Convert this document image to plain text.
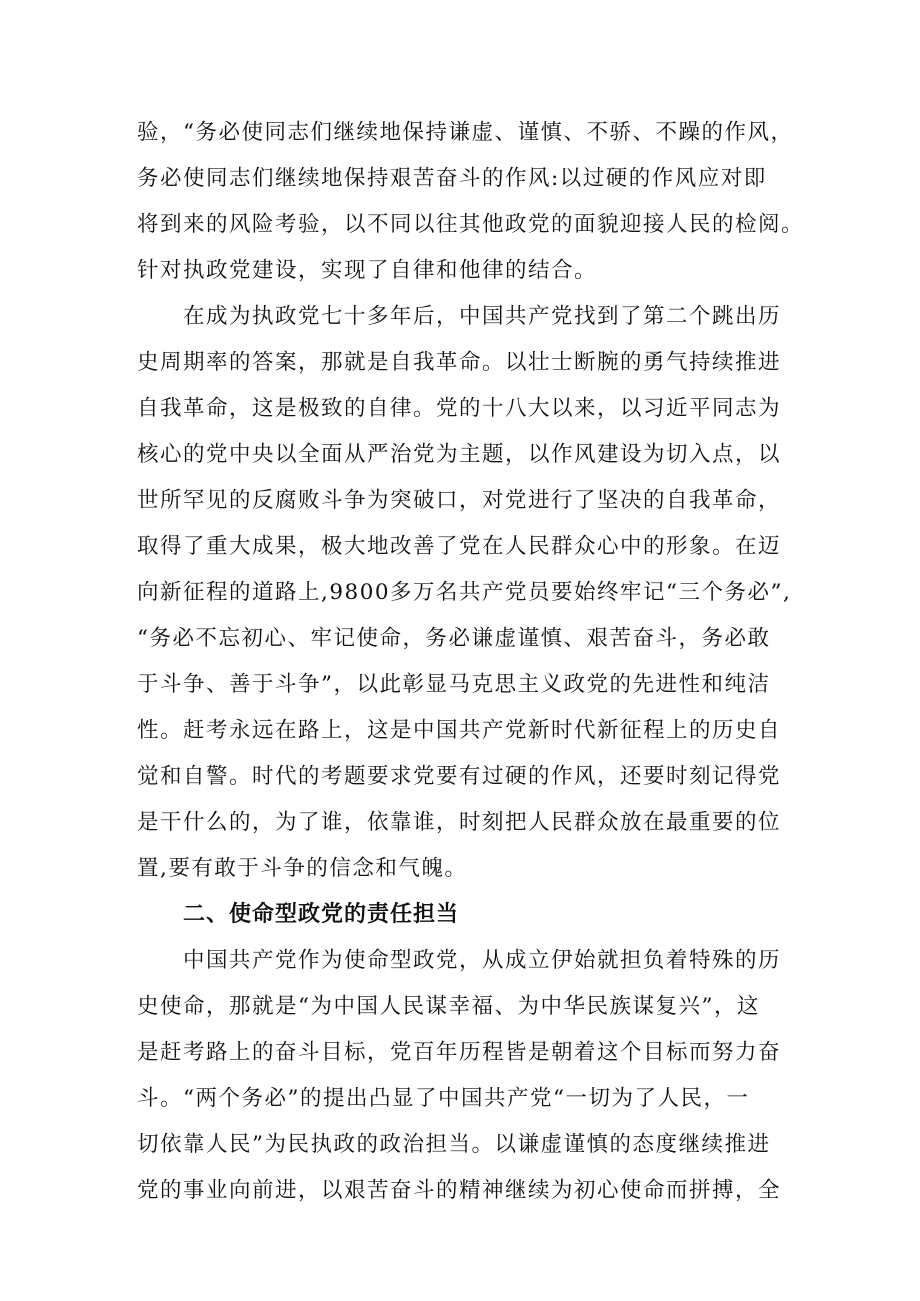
验，“务必使同志们继续地保持谦虚、谨慎、不骄、不躁的作风，
务必使同志们继续地保持艰苦奋斗的作风:以过硬的作风应对即
将到来的风险考验，以不同以往其他政党的面貌迎接人民的检阅。
针对执政党建设，实现了自律和他律的结合。
在成为执政党七十多年后，中国共产党找到了第二个跳出历
史周期率的答案，那就是自我革命。以壮士断腕的勇气持续推进
自我革命，这是极致的自律。党的十八大以来，以习近平同志为
核心的党中央以全面从严治党为主题，以作风建设为切入点，以
世所罕见的反腐败斗争为突破口，对党进行了坚决的自我革命，
取得了重大成果，极大地改善了党在人民群众心中的形象。在迈
向新征程的道路上,9800多万名共产党员要始终牢记“三个务必”,
“务必不忘初心、牢记使命，务必谦虚谨慎、艰苦奋斗，务必敢
于斗争、善于斗争”，以此彰显马克思主义政党的先进性和纯洁
性。赶考永远在路上，这是中国共产党新时代新征程上的历史自
觉和自警。时代的考题要求党要有过硬的作风，还要时刻记得党
是干什么的，为了谁，依靠谁，时刻把人民群众放在最重要的位
置,要有敢于斗争的信念和气魄。
二、使命型政党的责任担当
中国共产党作为使命型政党，从成立伊始就担负着特殊的历
史使命，那就是“为中国人民谋幸福、为中华民族谋复兴”，这
是赶考路上的奋斗目标，党百年历程皆是朝着这个目标而努力奋
斗。“两个务必”的提出凸显了中国共产党“一切为了人民，一
切依靠人民”为民执政的政治担当。以谦虚谨慎的态度继续推进
党的事业向前进，以艰苦奋斗的精神继续为初心使命而拼搏，全
